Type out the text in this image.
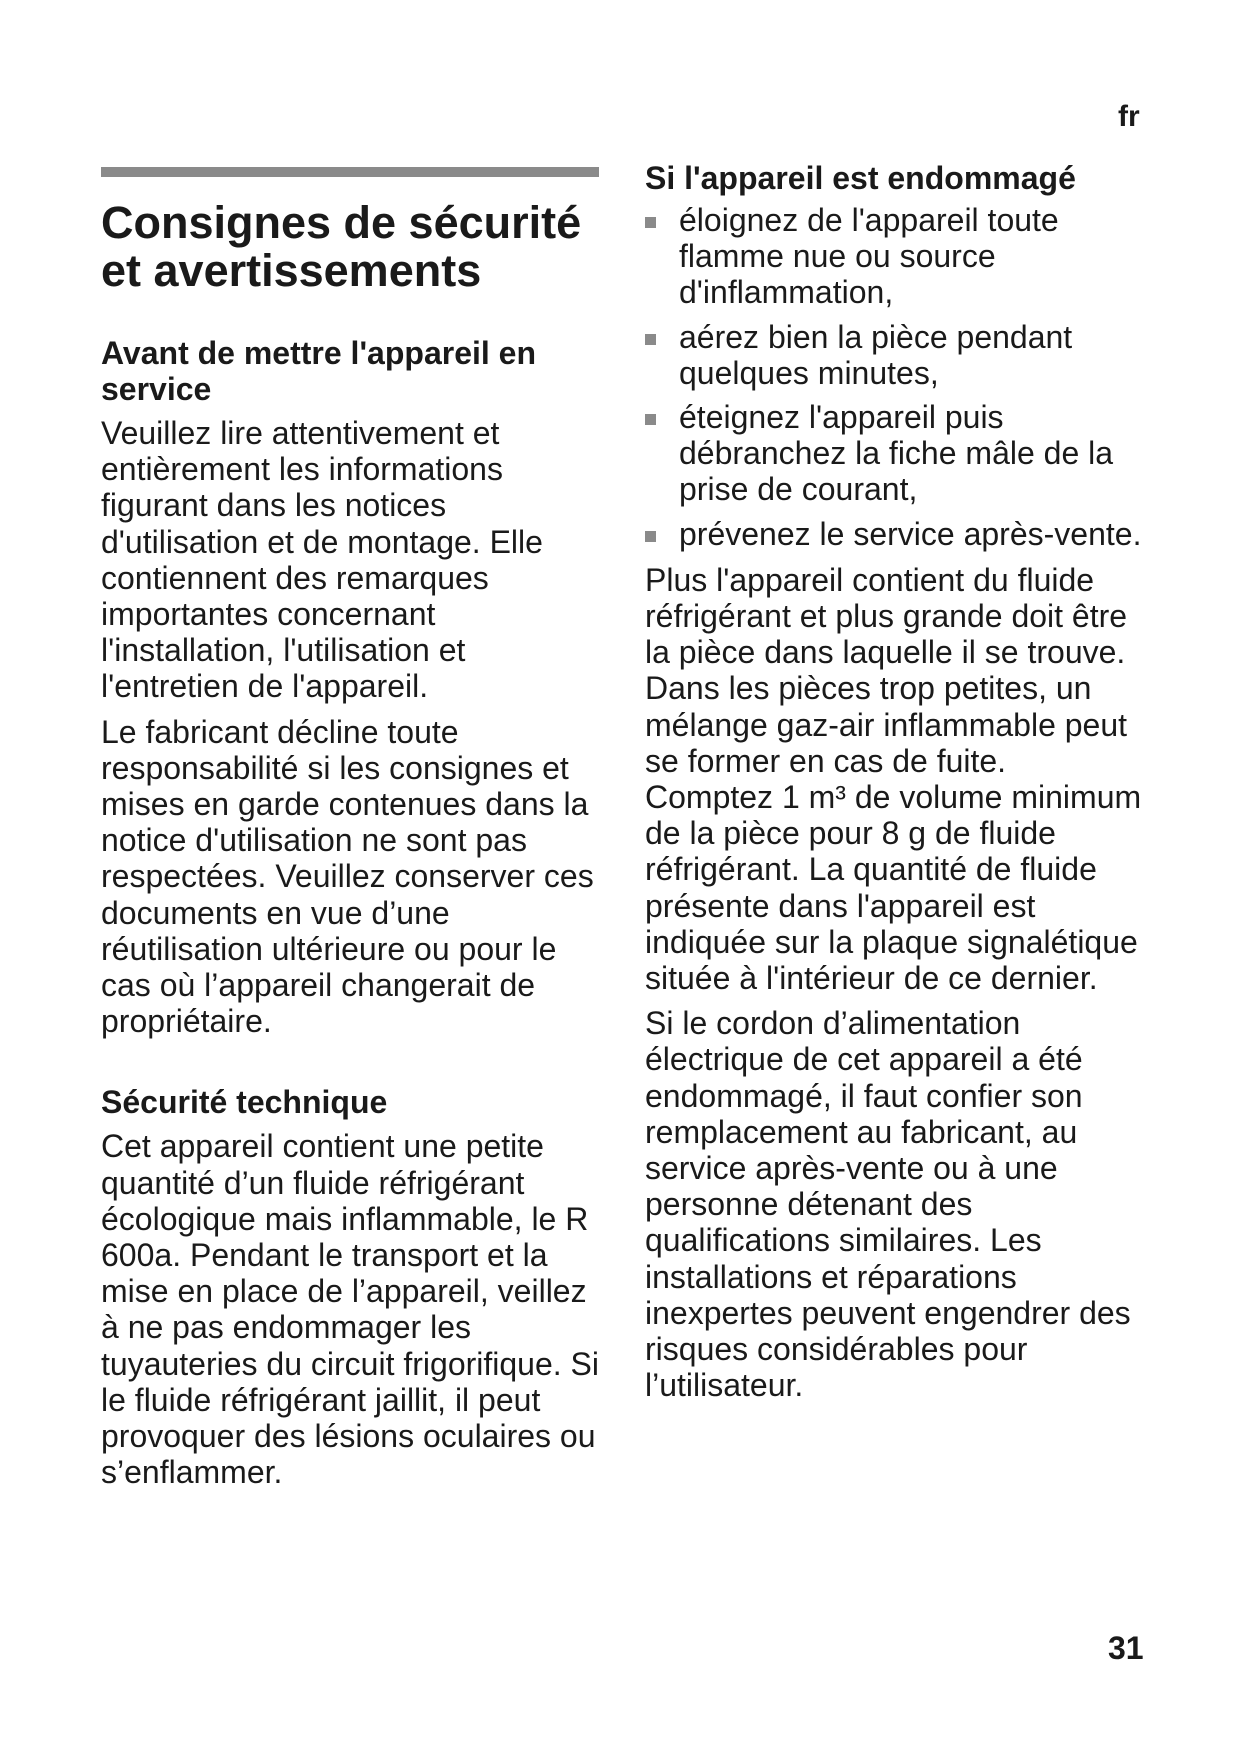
fr
Consignes de sécurité
et avertissements
Avant de mettre l'appareil en service

Veuillez lire attentivement et entièrement les informations figurant dans les notices d'utilisation et de montage. Elle contiennent des remarques importantes concernant l'installation, l'utilisation et l'entretien de l'appareil.

Le fabricant décline toute responsabilité si les consignes et mises en garde contenues dans la notice d'utilisation ne sont pas respectées. Veuillez conserver ces documents en vue d’une réutilisation ultérieure ou pour le cas où l’appareil changerait de propriétaire.

Sécurité technique

Cet appareil contient une petite quantité d’un fluide réfrigérant écologique mais inflammable, le R 600a. Pendant le transport et la mise en place de l’appareil, veillez à ne pas endommager les tuyauteries du circuit frigorifique. Si le fluide réfrigérant jaillit, il peut provoquer des lésions oculaires ou s’enflammer.

Si l'appareil est endommagé
éloignez de l'appareil toute flamme nue ou source d'inflammation,
aérez bien la pièce pendant quelques minutes,
éteignez l'appareil puis débranchez la fiche mâle de la prise de courant,
prévenez le service après-vente.

Plus l'appareil contient du fluide réfrigérant et plus grande doit être la pièce dans laquelle il se trouve. Dans les pièces trop petites, un mélange gaz-air inflammable peut se former en cas de fuite.

Comptez 1 m³ de volume minimum de la pièce pour 8 g de fluide réfrigérant. La quantité de fluide présente dans l'appareil est indiquée sur la plaque signalétique située à l'intérieur de ce dernier.

Si le cordon d’alimentation électrique de cet appareil a été endommagé, il faut confier son remplacement au fabricant, au service après-vente ou à une personne détenant des qualifications similaires. Les installations et réparations inexpertes peuvent engendrer des risques considérables pour l’utilisateur.

31
